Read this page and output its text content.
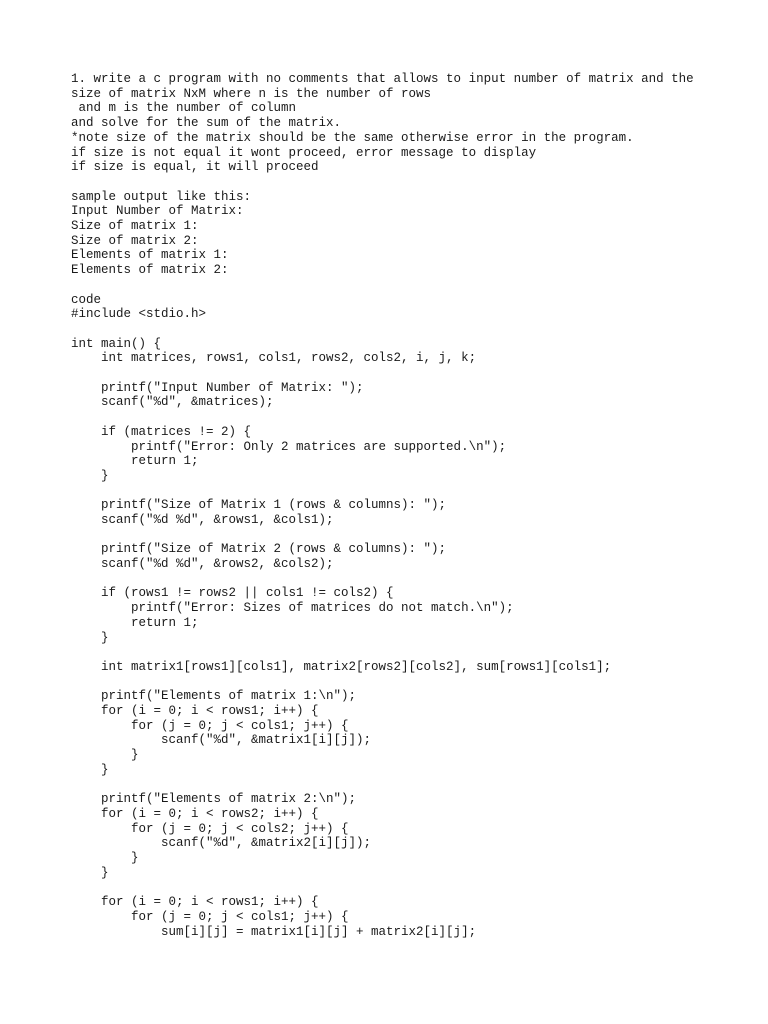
1. write a c program with no comments that allows to input number of matrix and the
size of matrix NxM where n is the number of rows
and m is the number of column
and solve for the sum of the matrix.
*note size of the matrix should be the same otherwise error in the program.
if size is not equal it wont proceed, error message to display
if size is equal, it will proceed
sample output like this:
Input Number of Matrix:
Size of matrix 1:
Size of matrix 2:
Elements of matrix 1:
Elements of matrix 2:
code
#include <stdio.h>
int main() {
int matrices, rows1, cols1, rows2, cols2, i, j, k;
printf("Input Number of Matrix: ");
scanf("%d", &matrices);
if (matrices != 2) {
printf("Error: Only 2 matrices are supported.\n");
return 1;
}
printf("Size of Matrix 1 (rows & columns): ");
scanf("%d %d", &rows1, &cols1);
printf("Size of Matrix 2 (rows & columns): ");
scanf("%d %d", &rows2, &cols2);
if (rows1 != rows2 || cols1 != cols2) {
printf("Error: Sizes of matrices do not match.\n");
return 1;
}
int matrix1[rows1][cols1], matrix2[rows2][cols2], sum[rows1][cols1];
printf("Elements of matrix 1:\n");
for (i = 0; i < rows1; i++) {
for (j = 0; j < cols1; j++) {
scanf("%d", &matrix1[i][j]);
}
}
printf("Elements of matrix 2:\n");
for (i = 0; i < rows2; i++) {
for (j = 0; j < cols2; j++) {
scanf("%d", &matrix2[i][j]);
}
}
for (i = 0; i < rows1; i++) {
for (j = 0; j < cols1; j++) {
sum[i][j] = matrix1[i][j] + matrix2[i][j];
